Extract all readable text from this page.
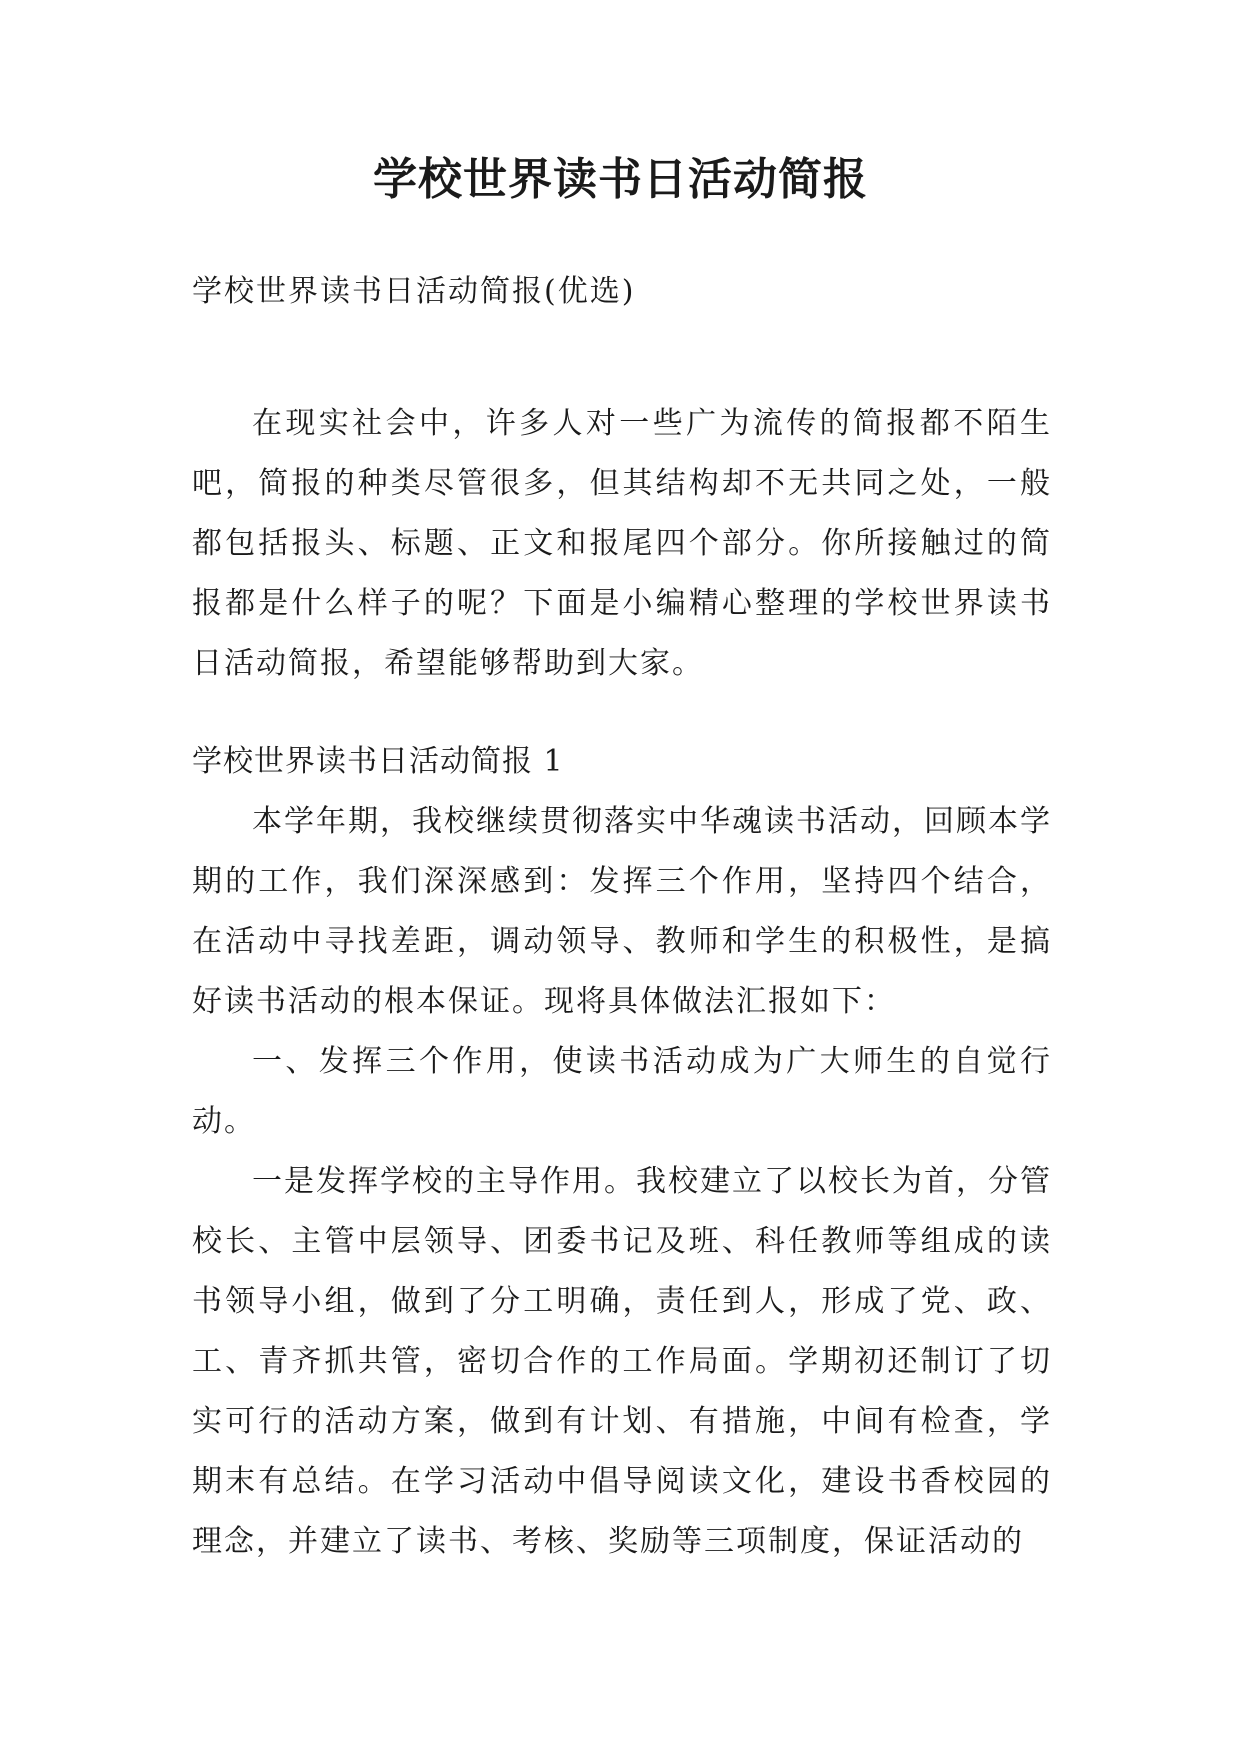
学校世界读书日活动简报

学校世界读书日活动简报(优选)

在现实社会中，许多人对一些广为流传的简报都不陌生吧，简报的种类尽管很多，但其结构却不无共同之处，一般都包括报头、标题、正文和报尾四个部分。你所接触过的简报都是什么样子的呢？下面是小编精心整理的学校世界读书日活动简报，希望能够帮助到大家。

学校世界读书日活动简报 1

本学年期，我校继续贯彻落实中华魂读书活动，回顾本学期的工作，我们深深感到：发挥三个作用，坚持四个结合，在活动中寻找差距，调动领导、教师和学生的积极性，是搞好读书活动的根本保证。现将具体做法汇报如下：

一、发挥三个作用，使读书活动成为广大师生的自觉行动。

一是发挥学校的主导作用。我校建立了以校长为首，分管校长、主管中层领导、团委书记及班、科任教师等组成的读书领导小组，做到了分工明确，责任到人，形成了党、政、工、青齐抓共管，密切合作的工作局面。学期初还制订了切实可行的活动方案，做到有计划、有措施，中间有检查，学期末有总结。在学习活动中倡导阅读文化，建设书香校园的理念，并建立了读书、考核、奖励等三项制度，保证活动的
